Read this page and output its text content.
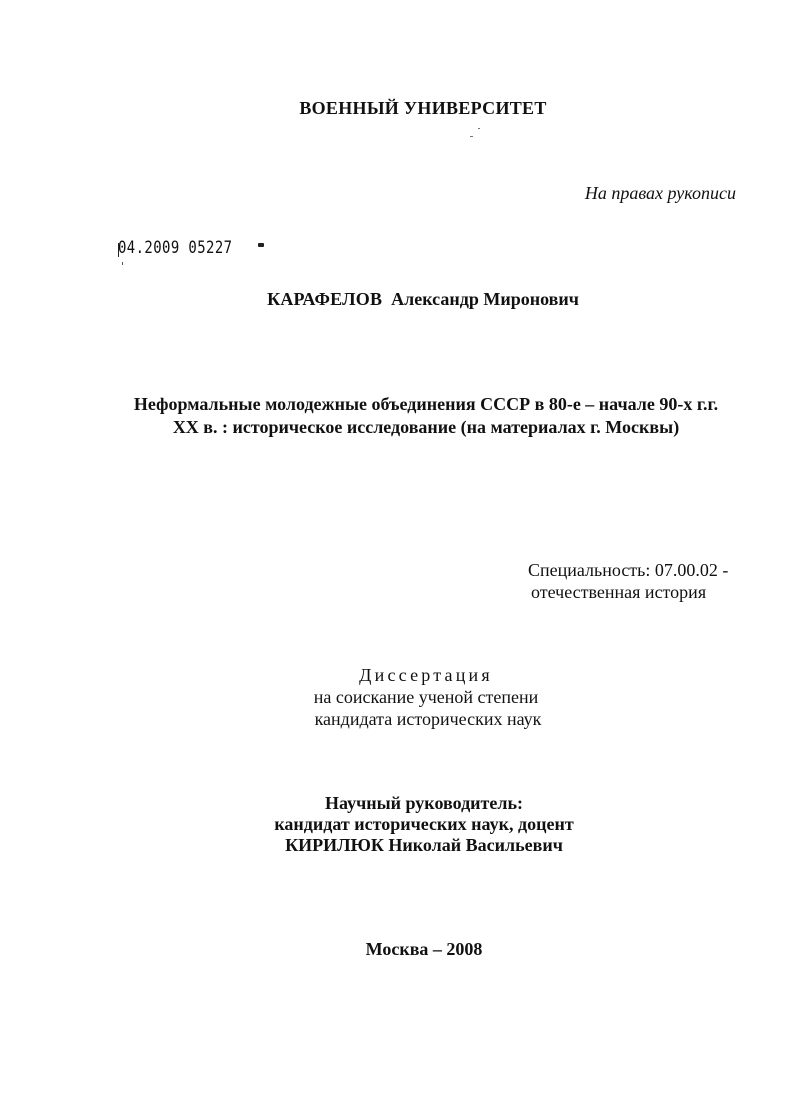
ВОЕННЫЙ УНИВЕРСИТЕТ
На правах рукописи
04.2009 05227
КАРАФЕЛОВ Александр Миронович
Неформальные молодежные объединения СССР в 80-е – начале 90-х г.г.
XX в. : историческое исследование (на материалах г. Москвы)
Специальность: 07.00.02 -
отечественная история
Диссертация
на соискание ученой степени
кандидата исторических наук
Научный руководитель:
кандидат исторических наук, доцент
КИРИЛЮК Николай Васильевич
Москва – 2008
